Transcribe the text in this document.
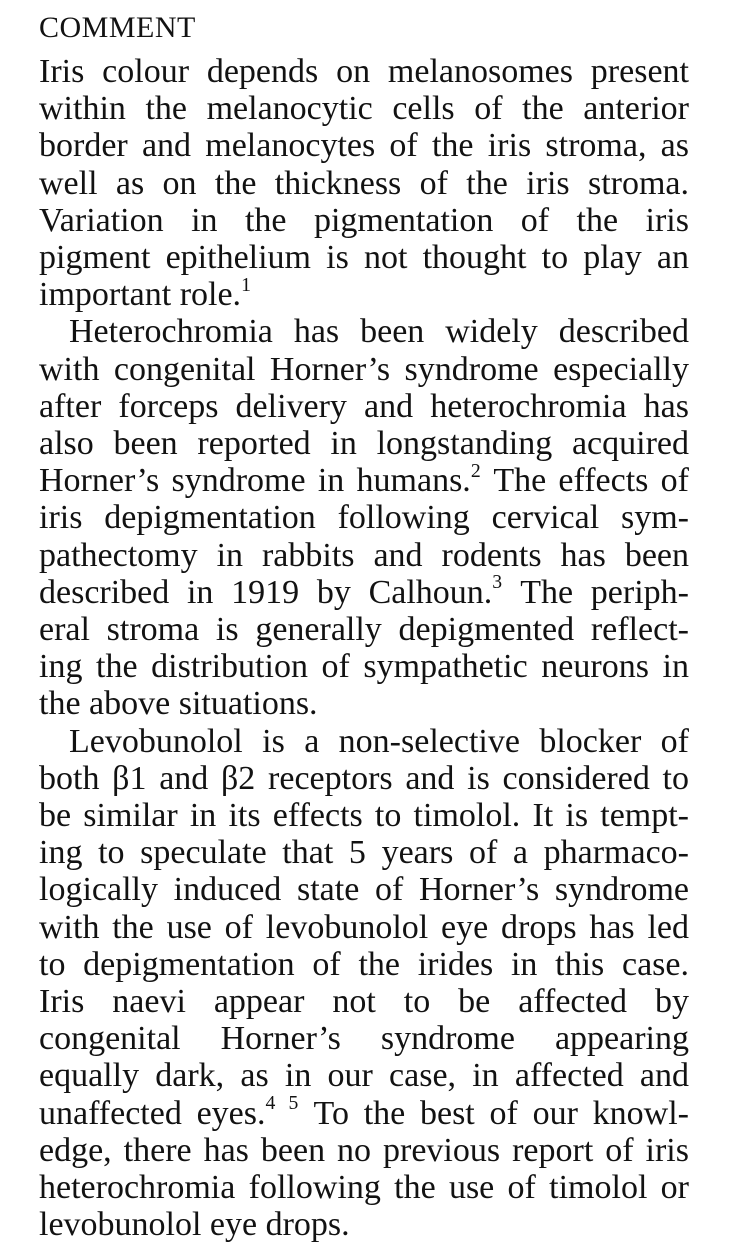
COMMENT
Iris colour depends on melanosomes present
within the melanocytic cells of the anterior
border and melanocytes of the iris stroma, as
well as on the thickness of the iris stroma.
Variation in the pigmentation of the iris
pigment epithelium is not thought to play an
important role.$^1$
Heterochromia has been widely described
with congenital Horner’s syndrome especially
after forceps delivery and heterochromia has
also been reported in longstanding acquired
Horner’s syndrome in humans.$^2$ The effects of
iris depigmentation following cervical sym-
pathectomy in rabbits and rodents has been
described in 1919 by Calhoun.$^3$ The periph-
eral stroma is generally depigmented reflect-
ing the distribution of sympathetic neurons in
the above situations.
Levobunolol is a non-selective blocker of
both β1 and β2 receptors and is considered to
be similar in its effects to timolol. It is tempt-
ing to speculate that 5 years of a pharmaco-
logically induced state of Horner’s syndrome
with the use of levobunolol eye drops has led
to depigmentation of the irides in this case.
Iris naevi appear not to be affected by
congenital Horner’s syndrome appearing
equally dark, as in our case, in affected and
unaffected eyes.$^{4 5}$ To the best of our knowl-
edge, there has been no previous report of iris
heterochromia following the use of timolol or
levobunolol eye drops.
